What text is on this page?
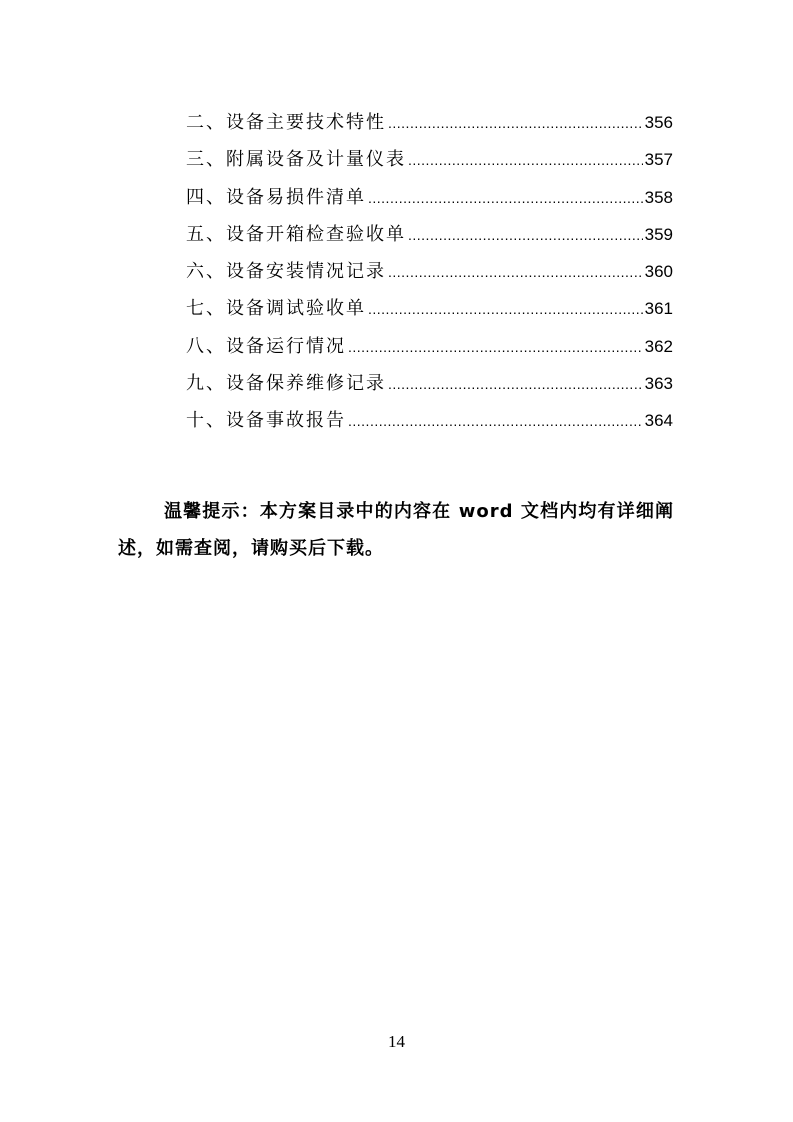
二、设备主要技术特性 .....	356
三、附属设备及计量仪表 .....	357
四、设备易损件清单 .....	358
五、设备开箱检查验收单 .....	359
六、设备安装情况记录 .....	360
七、设备调试验收单 .....	361
八、设备运行情况 .....	362
九、设备保养维修记录 .....	363
十、设备事故报告 .....	364

温馨提示：本方案目录中的内容在 word 文档内均有详细阐述，如需查阅，请购买后下载。

14
